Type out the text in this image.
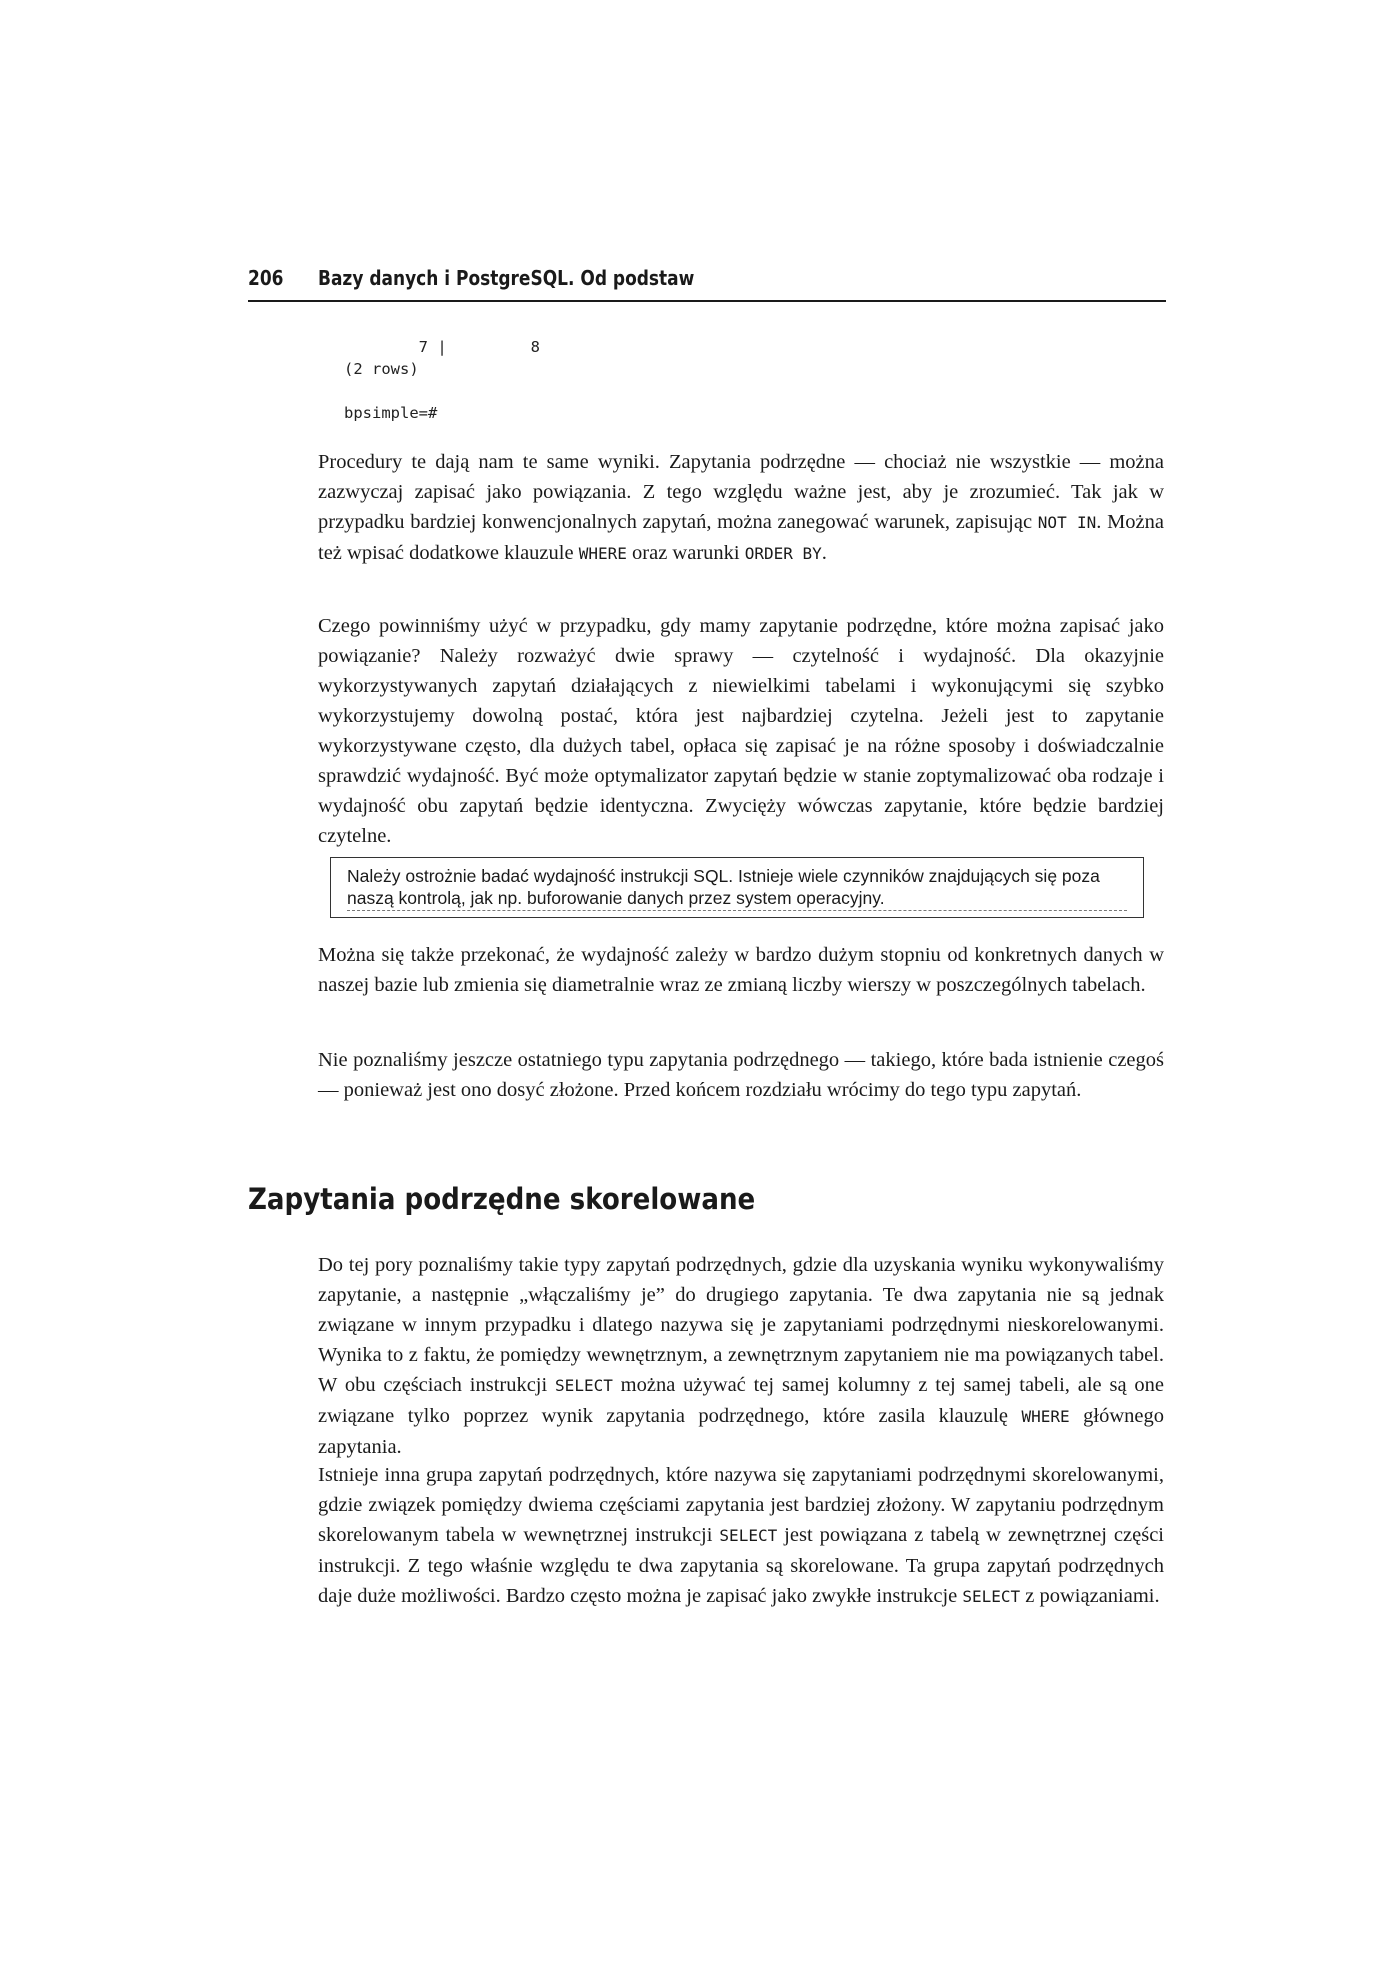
206 Bazy danych i PostgreSQL. Od podstaw
7 |         8
(2 rows)
bpsimple=#
Procedury te dają nam te same wyniki. Zapytania podrzędne — chociaż nie wszystkie — można zazwyczaj zapisać jako powiązania. Z tego względu ważne jest, aby je zrozumieć. Tak jak w przypadku bardziej konwencjonalnych zapytań, można zanegować warunek, zapisując NOT IN. Można też wpisać dodatkowe klauzule WHERE oraz warunki ORDER BY.
Czego powinniśmy użyć w przypadku, gdy mamy zapytanie podrzędne, które można zapisać jako powiązanie? Należy rozważyć dwie sprawy — czytelność i wydajność. Dla okazyjnie wykorzystywanych zapytań działających z niewielkimi tabelami i wykonującymi się szybko wykorzystujemy dowolną postać, która jest najbardziej czytelna. Jeżeli jest to zapytanie wykorzystywane często, dla dużych tabel, opłaca się zapisać je na różne sposoby i doświadczalnie sprawdzić wydajność. Być może optymalizator zapytań będzie w stanie zoptymalizować oba rodzaje i wydajność obu zapytań będzie identyczna. Zwycięży wówczas zapytanie, które będzie bardziej czytelne.
Należy ostrożnie badać wydajność instrukcji SQL. Istnieje wiele czynników znajdujących się poza naszą kontrolą, jak np. buforowanie danych przez system operacyjny.
Można się także przekonać, że wydajność zależy w bardzo dużym stopniu od konkretnych danych w naszej bazie lub zmienia się diametralnie wraz ze zmianą liczby wierszy w poszczególnych tabelach.
Nie poznaliśmy jeszcze ostatniego typu zapytania podrzędnego — takiego, które bada istnienie czegoś — ponieważ jest ono dosyć złożone. Przed końcem rozdziału wrócimy do tego typu zapytań.
Zapytania podrzędne skorelowane
Do tej pory poznaliśmy takie typy zapytań podrzędnych, gdzie dla uzyskania wyniku wykonywaliśmy zapytanie, a następnie „włączaliśmy je” do drugiego zapytania. Te dwa zapytania nie są jednak związane w innym przypadku i dlatego nazywa się je zapytaniami podrzędnymi nieskorelowanymi. Wynika to z faktu, że pomiędzy wewnętrznym, a zewnętrznym zapytaniem nie ma powiązanych tabel. W obu częściach instrukcji SELECT można używać tej samej kolumny z tej samej tabeli, ale są one związane tylko poprzez wynik zapytania podrzędnego, które zasila klauzulę WHERE głównego zapytania.
Istnieje inna grupa zapytań podrzędnych, które nazywa się zapytaniami podrzędnymi skorelowanymi, gdzie związek pomiędzy dwiema częściami zapytania jest bardziej złożony. W zapytaniu podrzędnym skorelowanym tabela w wewnętrznej instrukcji SELECT jest powiązana z tabelą w zewnętrznej części instrukcji. Z tego właśnie względu te dwa zapytania są skorelowane. Ta grupa zapytań podrzędnych daje duże możliwości. Bardzo często można je zapisać jako zwykłe instrukcje SELECT z powiązaniami.
